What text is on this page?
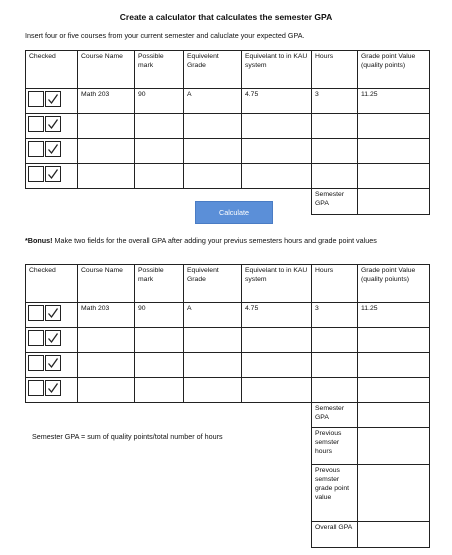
Create a calculator that calculates the semester GPA
Insert four or five courses from your current semester and caluclate your expected GPA.
Checked	Course Name	Possible mark	Equivelent Grade	Equivelant to in KAU system	Hours	Grade point Value (quality points)

	Math 203	90	A	4.75	3	11.25

Semester GPA	
Calculate
*Bonus! Make two fields for the overall GPA after adding your previus semesters hours and grade point values
Checked	Course Name	Possible mark	Equivelent Grade	Equivelant to in KAU system	Hours	Grade point Value (quality poiunts)

	Math 203	90	A	4.75	3	11.25

Semester GPA	
Previous semster hours	
Prevous semster grade point value	
Overall GPA	
Semester GPA = sum of quality points/total number of hours
